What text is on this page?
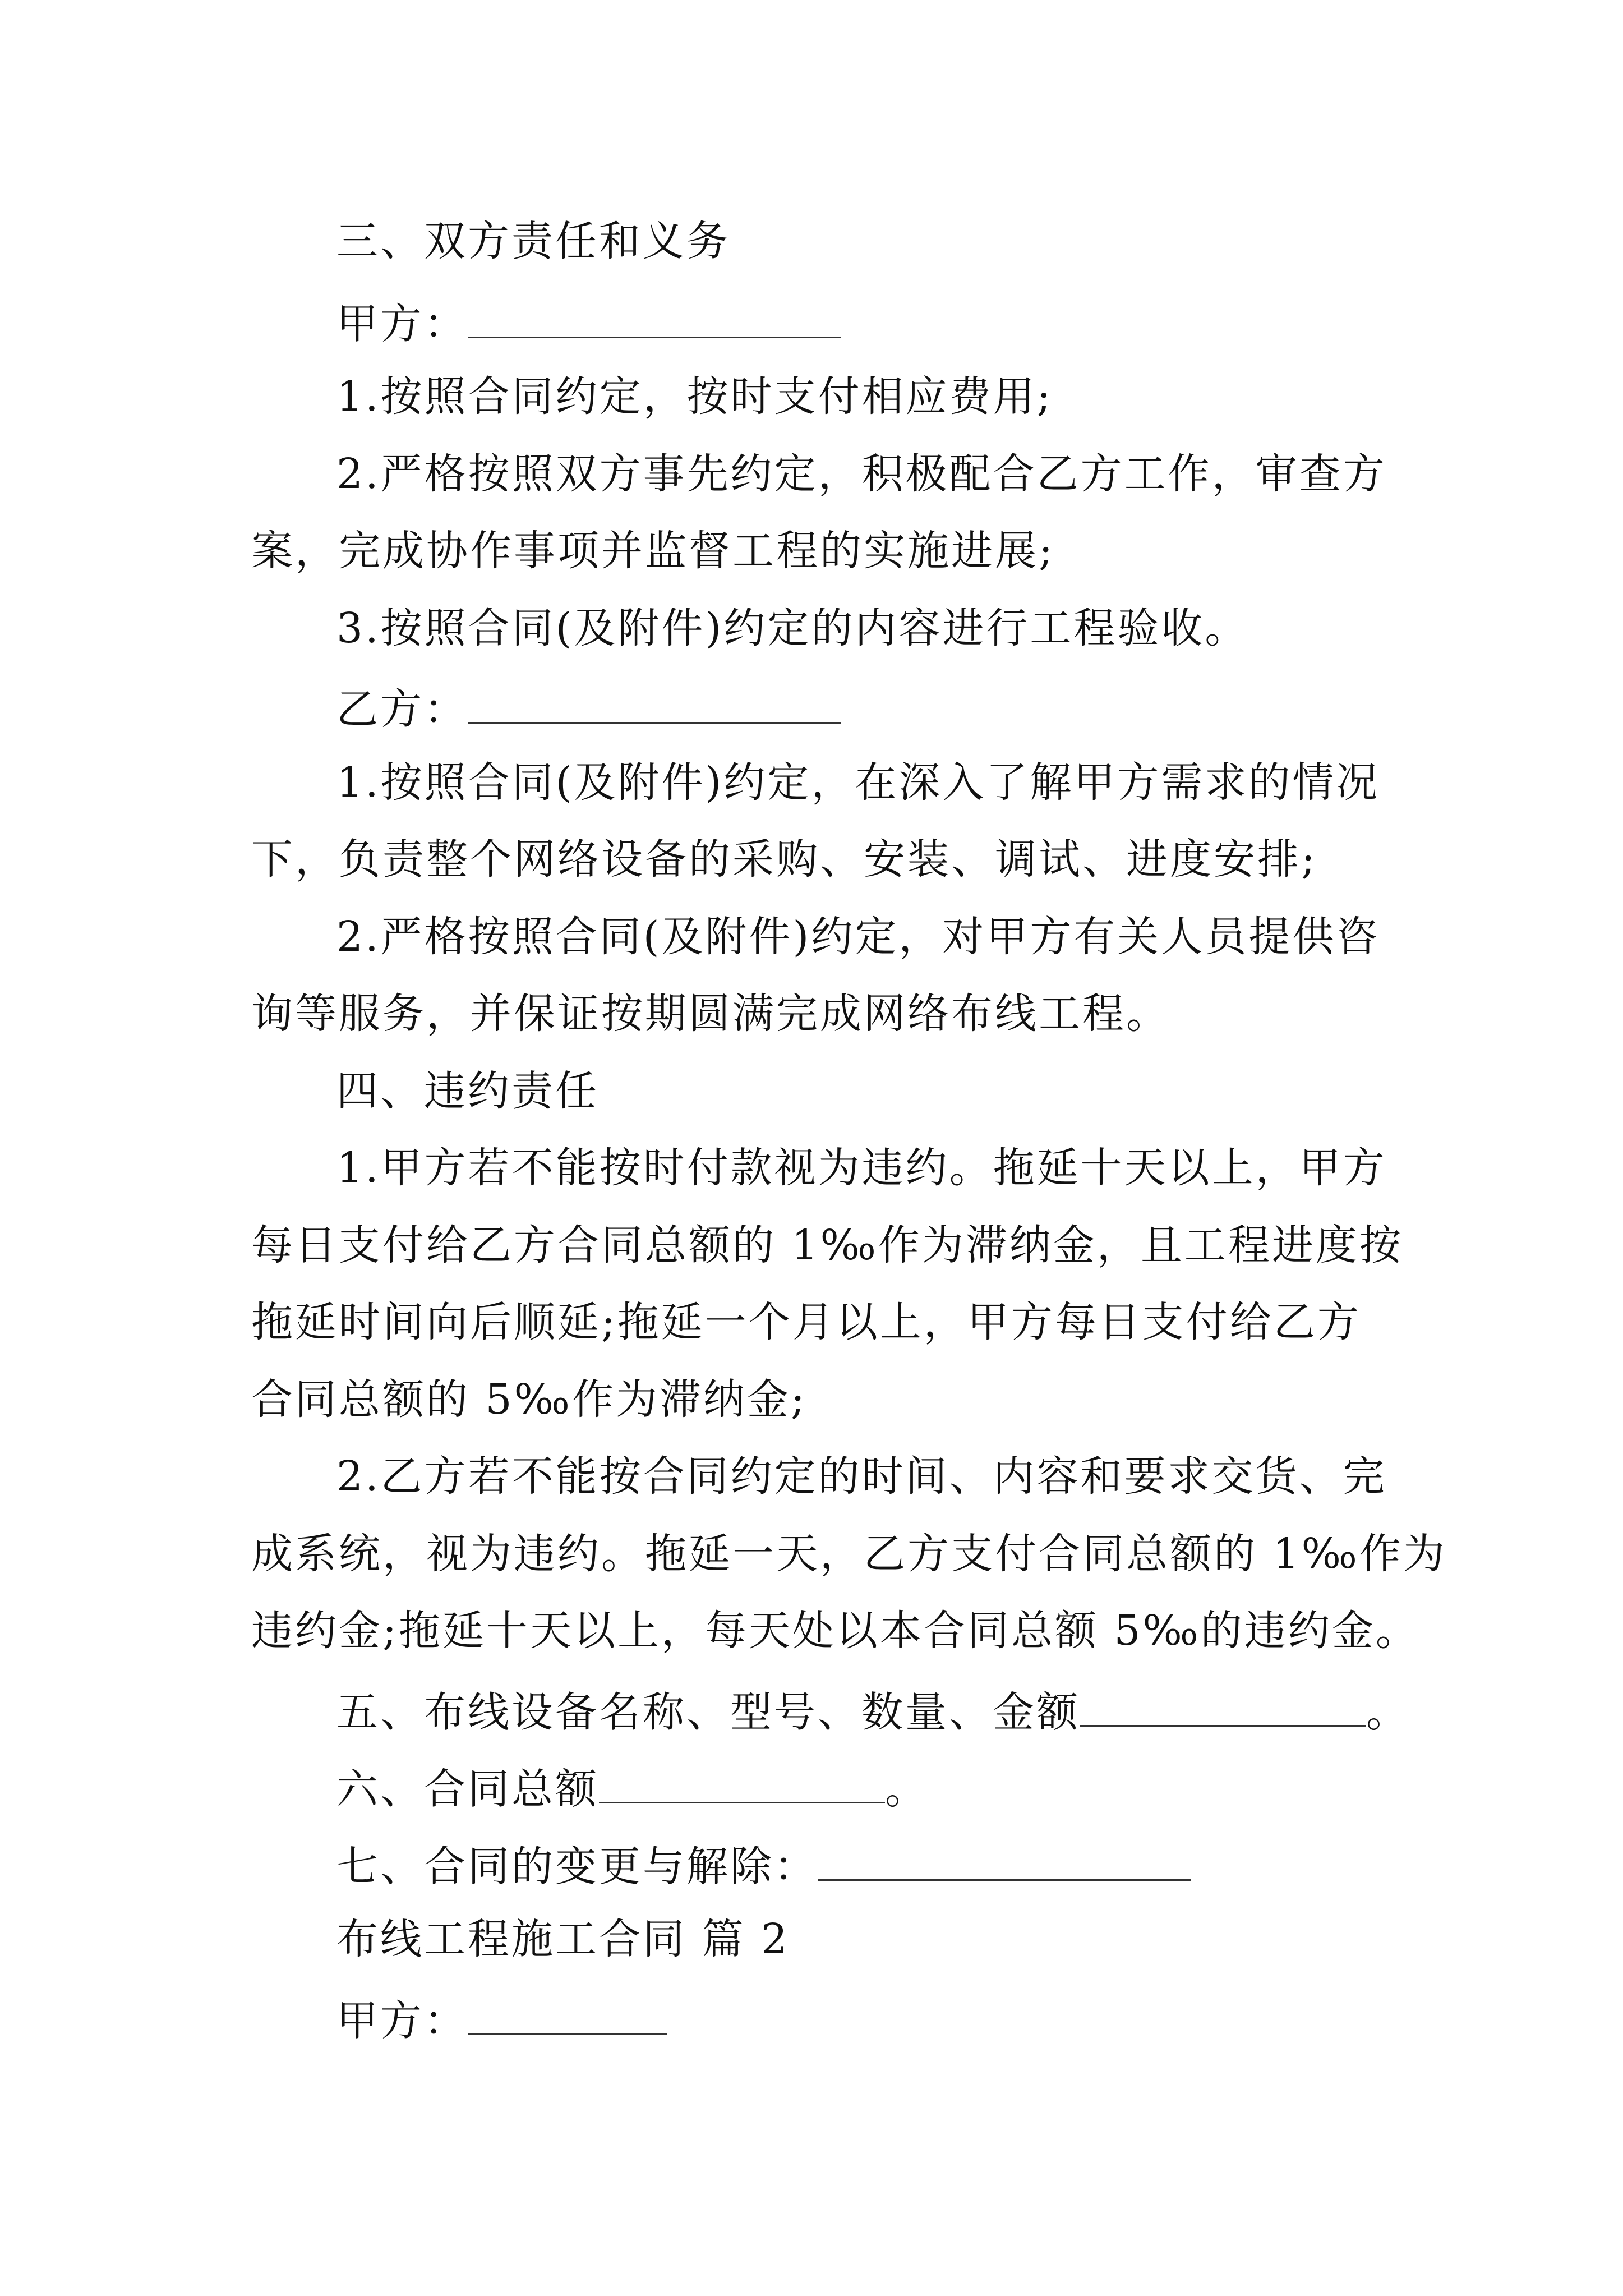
三、双方责任和义务
甲方：
1.按照合同约定，按时支付相应费用;
2.严格按照双方事先约定，积极配合乙方工作，审查方
案，完成协作事项并监督工程的实施进展;
3.按照合同(及附件)约定的内容进行工程验收。
乙方：
1.按照合同(及附件)约定，在深入了解甲方需求的情况
下，负责整个网络设备的采购、安装、调试、进度安排;
2.严格按照合同(及附件)约定，对甲方有关人员提供咨
询等服务，并保证按期圆满完成网络布线工程。
四、违约责任
1.甲方若不能按时付款视为违约。拖延十天以上，甲方
每日支付给乙方合同总额的 1‰作为滞纳金，且工程进度按
拖延时间向后顺延;拖延一个月以上，甲方每日支付给乙方
合同总额的 5‰作为滞纳金;
2.乙方若不能按合同约定的时间、内容和要求交货、完
成系统，视为违约。拖延一天，乙方支付合同总额的 1‰作为
违约金;拖延十天以上，每天处以本合同总额 5‰的违约金。
五、布线设备名称、型号、数量、金额	。
六、合同总额	。
七、合同的变更与解除：
布线工程施工合同 篇 2
甲方：
